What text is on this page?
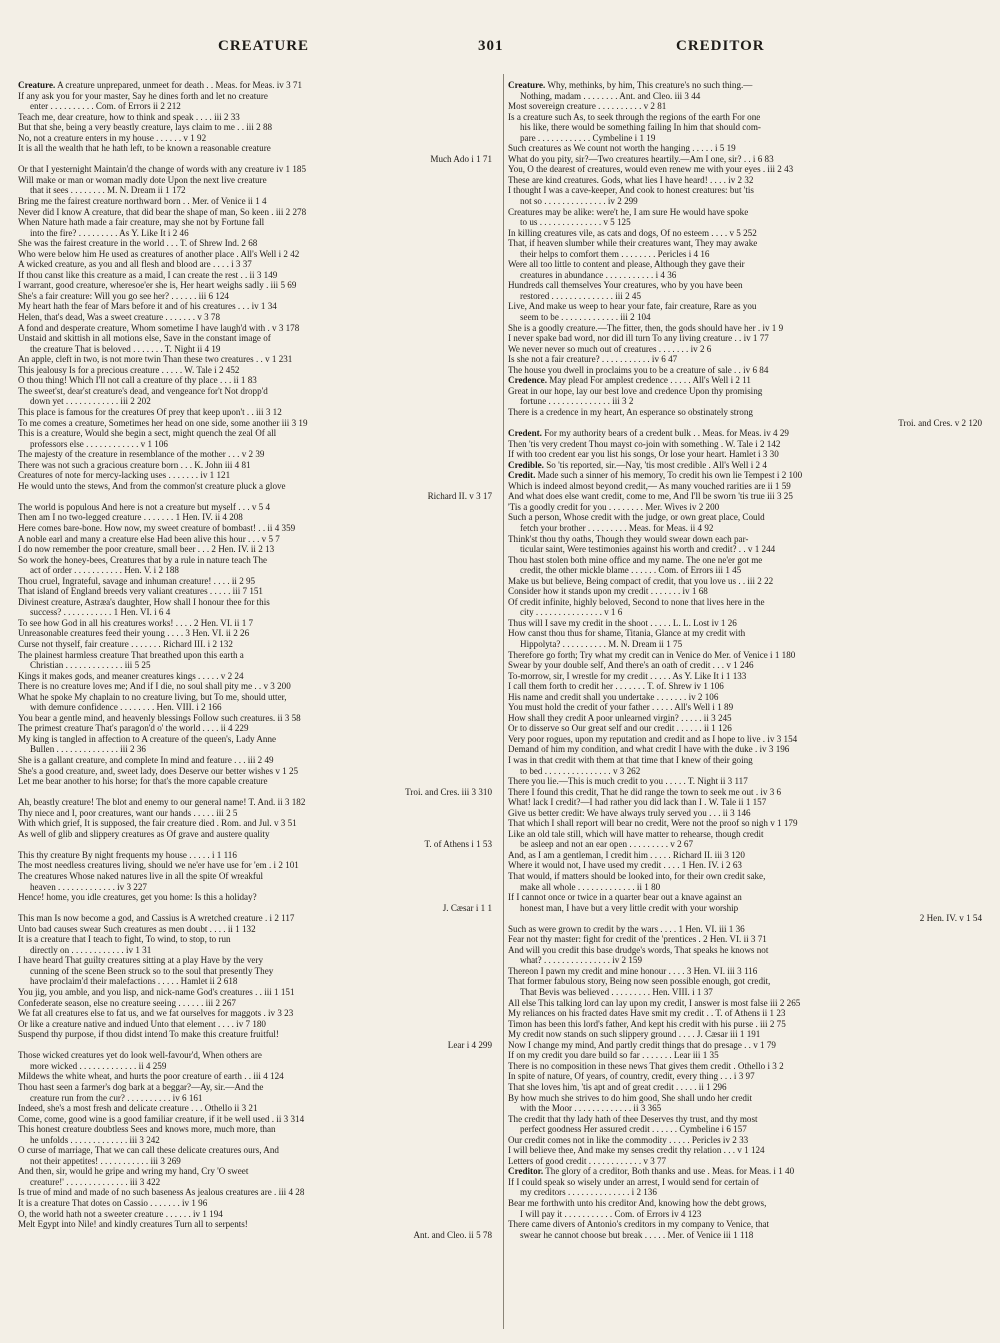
CREATURE	301	CREDITOR
Creature. A creature unprepared, unmeet for death . . Meas. for Meas. iv 3 71
If any ask you for your master, Say he dines forth and let no creature
enter . . . . . . . . . . Com. of Errors ii 2 212
Teach me, dear creature, how to think and speak . . . . iii 2 33
But that she, being a very beastly creature, lays claim to me . . iii 2 88
No, not a creature enters in my house . . . . . . v 1 92
It is all the wealth that he hath left, to be known a reasonable creature
Much Ado i 1 71
Or that I yesternight Maintain'd the change of words with any creature iv 1 185
Will make or man or woman madly dote Upon the next live creature
that it sees . . . . . . . . M. N. Dream ii 1 172
Bring me the fairest creature northward born . . Mer. of Venice ii 1 4
Never did I know A creature, that did bear the shape of man, So keen . iii 2 278
When Nature hath made a fair creature, may she not by Fortune fall
into the fire? . . . . . . . . . As Y. Like It i 2 46
She was the fairest creature in the world . . . T. of Shrew Ind. 2 68
Who were below him He used as creatures of another place . All's Well i 2 42
A wicked creature, as you and all flesh and blood are . . . . i 3 37
If thou canst like this creature as a maid, I can create the rest . . ii 3 149
I warrant, good creature, wheresoe'er she is, Her heart weighs sadly . iii 5 69
She's a fair creature: Will you go see her? . . . . . . iii 6 124
My heart hath the fear of Mars before it and of his creatures . . . iv 1 34
Helen, that's dead, Was a sweet creature . . . . . . . v 3 78
A fond and desperate creature, Whom sometime I have laugh'd with . v 3 178
Unstaid and skittish in all motions else, Save in the constant image of
the creature That is beloved . . . . . . . T. Night ii 4 19
An apple, cleft in two, is not more twin Than these two creatures . . v 1 231
This jealousy Is for a precious creature . . . . . W. Tale i 2 452
O thou thing! Which I'll not call a creature of thy place . . . ii 1 83
The sweet'st, dear'st creature's dead, and vengeance for't Not dropp'd
down yet . . . . . . . . . . . . iii 2 202
This place is famous for the creatures Of prey that keep upon't . . iii 3 12
To me comes a creature, Sometimes her head on one side, some another iii 3 19
This is a creature, Would she begin a sect, might quench the zeal Of all
professors else . . . . . . . . . . . . v 1 106
The majesty of the creature in resemblance of the mother . . . v 2 39
There was not such a gracious creature born . . . K. John iii 4 81
Creatures of note for mercy-lacking uses . . . . . . . iv 1 121
He would unto the stews, And from the common'st creature pluck a glove
Richard II. v 3 17
The world is populous And here is not a creature but myself . . . v 5 4
Then am I no two-legged creature . . . . . . . 1 Hen. IV. ii 4 208
Here comes bare-bone. How now, my sweet creature of bombast! . . ii 4 359
A noble earl and many a creature else Had been alive this hour . . . v 5 7
I do now remember the poor creature, small beer . . . 2 Hen. IV. ii 2 13
So work the honey-bees, Creatures that by a rule in nature teach The
act of order . . . . . . . . . . . Hen. V. i 2 188
Thou cruel, Ingrateful, savage and inhuman creature! . . . . ii 2 95
That island of England breeds very valiant creatures . . . . . iii 7 151
Divinest creature, Astræa's daughter, How shall I honour thee for this
success? . . . . . . . . . . . 1 Hen. VI. i 6 4
To see how God in all his creatures works! . . . . 2 Hen. VI. ii 1 7
Unreasonable creatures feed their young . . . . 3 Hen. VI. ii 2 26
Curse not thyself, fair creature . . . . . . . Richard III. i 2 132
The plainest harmless creature That breathed upon this earth a
Christian . . . . . . . . . . . . . iii 5 25
Kings it makes gods, and meaner creatures kings . . . . . v 2 24
There is no creature loves me; And if I die, no soul shall pity me . . v 3 200
What he spoke My chaplain to no creature living, but To me, should utter,
with demure confidence . . . . . . . . Hen. VIII. i 2 166
You bear a gentle mind, and heavenly blessings Follow such creatures. ii 3 58
The primest creature That's paragon'd o' the world . . . . ii 4 229
My king is tangled in affection to A creature of the queen's, Lady Anne
Bullen . . . . . . . . . . . . . . iii 2 36
She is a gallant creature, and complete In mind and feature . . . iii 2 49
She's a good creature, and, sweet lady, does Deserve our better wishes v 1 25
Let me bear another to his horse; for that's the more capable creature
Troi. and Cres. iii 3 310
Ah, beastly creature! The blot and enemy to our general name! T. And. ii 3 182
Thy niece and I, poor creatures, want our hands . . . . . iii 2 5
With which grief, It is supposed, the fair creature died . Rom. and Jul. v 3 51
As well of glib and slippery creatures as Of grave and austere quality
T. of Athens i 1 53
This thy creature By night frequents my house . . . . . i 1 116
The most needless creatures living, should we ne'er have use for 'em . i 2 101
The creatures Whose naked natures live in all the spite Of wreakful
heaven . . . . . . . . . . . . . iv 3 227
Hence! home, you idle creatures, get you home: Is this a holiday?
J. Cæsar i 1 1
This man Is now become a god, and Cassius is A wretched creature . i 2 117
Unto bad causes swear Such creatures as men doubt . . . . ii 1 132
It is a creature that I teach to fight, To wind, to stop, to run
directly on . . . . . . . . . . . . iv 1 31
I have heard That guilty creatures sitting at a play Have by the very
cunning of the scene Been struck so to the soul that presently They
have proclaim'd their malefactions . . . . . Hamlet ii 2 618
You jig, you amble, and you lisp, and nick-name God's creatures . . iii 1 151
Confederate season, else no creature seeing . . . . . . iii 2 267
We fat all creatures else to fat us, and we fat ourselves for maggots . iv 3 23
Or like a creature native and indued Unto that element . . . . iv 7 180
Suspend thy purpose, if thou didst intend To make this creature fruitful!
Lear i 4 299
Those wicked creatures yet do look well-favour'd, When others are
more wicked . . . . . . . . . . . . . ii 4 259
Mildews the white wheat, and hurts the poor creature of earth . . iii 4 124
Thou hast seen a farmer's dog bark at a beggar?—Ay, sir.—And the
creature run from the cur? . . . . . . . . . . iv 6 161
Indeed, she's a most fresh and delicate creature . . . Othello ii 3 21
Come, come, good wine is a good familiar creature, if it be well used . ii 3 314
This honest creature doubtless Sees and knows more, much more, than
he unfolds . . . . . . . . . . . . . iii 3 242
O curse of marriage, That we can call these delicate creatures ours, And
not their appetites! . . . . . . . . . . . iii 3 269
And then, sir, would he gripe and wring my hand, Cry 'O sweet
creature!' . . . . . . . . . . . . . . iii 3 422
Is true of mind and made of no such baseness As jealous creatures are . iii 4 28
It is a creature That dotes on Cassio . . . . . . . iv 1 96
O, the world hath not a sweeter creature . . . . . . iv 1 194
Melt Egypt into Nile! and kindly creatures Turn all to serpents!
Ant. and Cleo. ii 5 78
Creature. Why, methinks, by him, This creature's no such thing.—
Nothing, madam . . . . . . . . Ant. and Cleo. iii 3 44
Most sovereign creature . . . . . . . . . . v 2 81
Is a creature such As, to seek through the regions of the earth For one
his like, there would be something failing In him that should com-
pare . . . . . . . . . . . . Cymbeline i 1 19
Such creatures as We count not worth the hanging . . . . . i 5 19
What do you pity, sir?—Two creatures heartily.—Am I one, sir? . . i 6 83
You, O the dearest of creatures, would even renew me with your eyes . iii 2 43
These are kind creatures. Gods, what lies I have heard! . . . . iv 2 32
I thought I was a cave-keeper, And cook to honest creatures: but 'tis
not so . . . . . . . . . . . . . . iv 2 299
Creatures may be alike: were't he, I am sure He would have spoke
to us . . . . . . . . . . . . . . v 5 125
In killing creatures vile, as cats and dogs, Of no esteem . . . . v 5 252
That, if heaven slumber while their creatures want, They may awake
their helps to comfort them . . . . . . . . Pericles i 4 16
Were all too little to content and please, Although they gave their
creatures in abundance . . . . . . . . . . . i 4 36
Hundreds call themselves Your creatures, who by you have been
restored . . . . . . . . . . . . . . iii 2 45
Live, And make us weep to hear your fate, fair creature, Rare as you
seem to be . . . . . . . . . . . . . iii 2 104
She is a goodly creature.—The fitter, then, the gods should have her . iv 1 9
I never spake bad word, nor did ill turn To any living creature . . iv 1 77
We never never so much out of creatures . . . . . . . iv 2 6
Is she not a fair creature? . . . . . . . . . . . iv 6 47
The house you dwell in proclaims you to be a creature of sale . . iv 6 84
Credence. May plead For amplest credence . . . . . All's Well i 2 11
Great in our hope, lay our best love and credence Upon thy promising
fortune . . . . . . . . . . . . . . iii 3 2
There is a credence in my heart, An esperance so obstinately strong
Troi. and Cres. v 2 120
Credent. For my authority bears of a credent bulk . . Meas. for Meas. iv 4 29
Then 'tis very credent Thou mayst co-join with something . W. Tale i 2 142
If with too credent ear you list his songs, Or lose your heart. Hamlet i 3 30
Credible. So 'tis reported, sir.—Nay, 'tis most credible . All's Well i 2 4
Credit. Made such a sinner of his memory, To credit his own lie Tempest i 2 100
Which is indeed almost beyond credit,— As many vouched rarities are ii 1 59
And what does else want credit, come to me, And I'll be sworn 'tis true iii 3 25
'Tis a goodly credit for you . . . . . . . . Mer. Wives iv 2 200
Such a person, Whose credit with the judge, or own great place, Could
fetch your brother . . . . . . . . . Meas. for Meas. ii 4 92
Think'st thou thy oaths, Though they would swear down each par-
ticular saint, Were testimonies against his worth and credit? . . v 1 244
Thou hast stolen both mine office and my name. The one ne'er got me
credit, the other mickle blame . . . . . . Com. of Errors iii 1 45
Make us but believe, Being compact of credit, that you love us . . iii 2 22
Consider how it stands upon my credit . . . . . . . iv 1 68
Of credit infinite, highly beloved, Second to none that lives here in the
city . . . . . . . . . . . . . . . v 1 6
Thus will I save my credit in the shoot . . . . . L. L. Lost iv 1 26
How canst thou thus for shame, Titania, Glance at my credit with
Hippolyta? . . . . . . . . . . M. N. Dream ii 1 75
Therefore go forth; Try what my credit can in Venice do Mer. of Venice i 1 180
Swear by your double self, And there's an oath of credit . . . v 1 246
To-morrow, sir, I wrestle for my credit . . . . . As Y. Like It i 1 133
I call them forth to credit her . . . . . . . T. of. Shrew iv 1 106
His name and credit shall you undertake . . . . . . . iv 2 106
You must hold the credit of your father . . . . . All's Well i 1 89
How shall they credit A poor unlearned virgin? . . . . . ii 3 245
Or to disserve so Our great self and our credit . . . . . . ii 1 126
Very poor rogues, upon my reputation and credit and as I hope to live . iv 3 154
Demand of him my condition, and what credit I have with the duke . iv 3 196
I was in that credit with them at that time that I knew of their going
to bed . . . . . . . . . . . . . . . v 3 262
There you lie.—This is much credit to you . . . . . T. Night ii 3 117
There I found this credit, That he did range the town to seek me out . iv 3 6
What! lack I credit?—I had rather you did lack than I . W. Tale ii 1 157
Give us better credit: We have always truly served you . . . ii 3 146
That which I shall report will bear no credit, Were not the proof so nigh v 1 179
Like an old tale still, which will have matter to rehearse, though credit
be asleep and not an ear open . . . . . . . . . v 2 67
And, as I am a gentleman, I credit him . . . . . Richard II. iii 3 120
Where it would not, I have used my credit . . . . 1 Hen. IV. i 2 63
That would, if matters should be looked into, for their own credit sake,
make all whole . . . . . . . . . . . . . ii 1 80
If I cannot once or twice in a quarter bear out a knave against an
honest man, I have but a very little credit with your worship
2 Hen. IV. v 1 54
Such as were grown to credit by the wars . . . . 1 Hen. VI. iii 1 36
Fear not thy master: fight for credit of the 'prentices . 2 Hen. VI. ii 3 71
And will you credit this base drudge's words, That speaks he knows not
what? . . . . . . . . . . . . . . . iv 2 159
Thereon I pawn my credit and mine honour . . . . 3 Hen. VI. iii 3 116
That former fabulous story, Being now seen possible enough, got credit,
That Bevis was believed . . . . . . . . . Hen. VIII. i 1 37
All else This talking lord can lay upon my credit, I answer is most false iii 2 265
My reliances on his fracted dates Have smit my credit . . T. of Athens ii 1 23
Timon has been this lord's father, And kept his credit with his purse . iii 2 75
My credit now stands on such slippery ground . . . . J. Cæsar iii 1 191
Now I change my mind, And partly credit things that do presage . . v 1 79
If on my credit you dare build so far . . . . . . . Lear iii 1 35
There is no composition in these news That gives them credit . Othello i 3 2
In spite of nature, Of years, of country, credit, every thing . . . i 3 97
That she loves him, 'tis apt and of great credit . . . . . ii 1 296
By how much she strives to do him good, She shall undo her credit
with the Moor . . . . . . . . . . . . . ii 3 365
The credit that thy lady hath of thee Deserves thy trust, and thy most
perfect goodness Her assured credit . . . . . . Cymbeline i 6 157
Our credit comes not in like the commodity . . . . . Pericles iv 2 33
I will believe thee, And make my senses credit thy relation . . . v 1 124
Letters of good credit . . . . . . . . . . . . v 3 77
Creditor. The glory of a creditor, Both thanks and use . Meas. for Meas. i 1 40
If I could speak so wisely under an arrest, I would send for certain of
my creditors . . . . . . . . . . . . . . i 2 136
Bear me forthwith unto his creditor And, knowing how the debt grows,
I will pay it . . . . . . . . . . . Com. of Errors iv 4 123
There came divers of Antonio's creditors in my company to Venice, that
swear he cannot choose but break . . . . . Mer. of Venice iii 1 118
